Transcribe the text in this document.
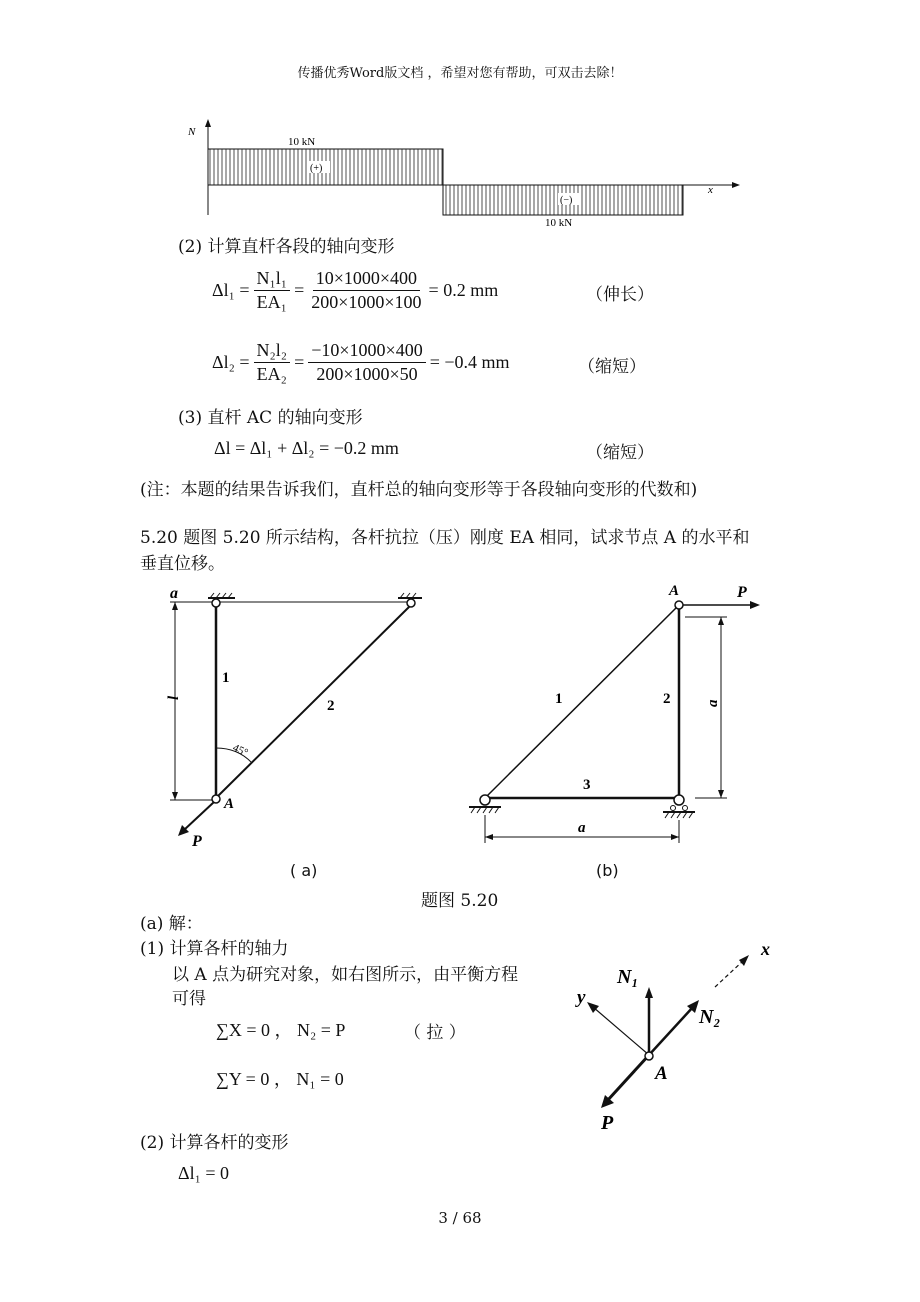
传播优秀Word版文档 ，希望对您有帮助，可双击去除！
N
x
10 kN
(+)
(−)
10 kN
(2) 计算直杆各段的轴向变形
$\Delta l_1 = \frac{\text{N₁l₁}}{\text{EA₁}} = \frac{10\times 1000\times 400}{200\times 1000\times 100} = 0.2$ mm	（伸长）
$\Delta l_2 = \frac{\text{N₂l₂}}{\text{EA₂}} = \frac{-10\times 1000\times 400}{200\times 1000\times 50} = -0.4$ mm	（缩短）
(3) 直杆 AC 的轴向变形
Δl = Δl₁ + Δl₂ = −0.2 mm	（缩短）
(注：本题的结果告诉我们，直杆总的轴向变形等于各段轴向变形的代数和)
5.20 题图 5.20 所示结构，各杆抗拉（压）刚度 EA 相同，试求节点 A 的水平和
垂直位移。
a
l
45°
1
2
A
P
( a)
P
A
a
a
1	2
3
(b)
题图 5.20
(a) 解：
(1) 计算各杆的轴力
以 A 点为研究对象，如右图所示，由平衡方程
可得
∑X = 0 ， N₂ = P	（ 拉 ）
∑Y = 0 ， N₁ = 0
(2) 计算各杆的变形
Δl₁ = 0
x
N₂
N₁
y
P
A
3 / 68
